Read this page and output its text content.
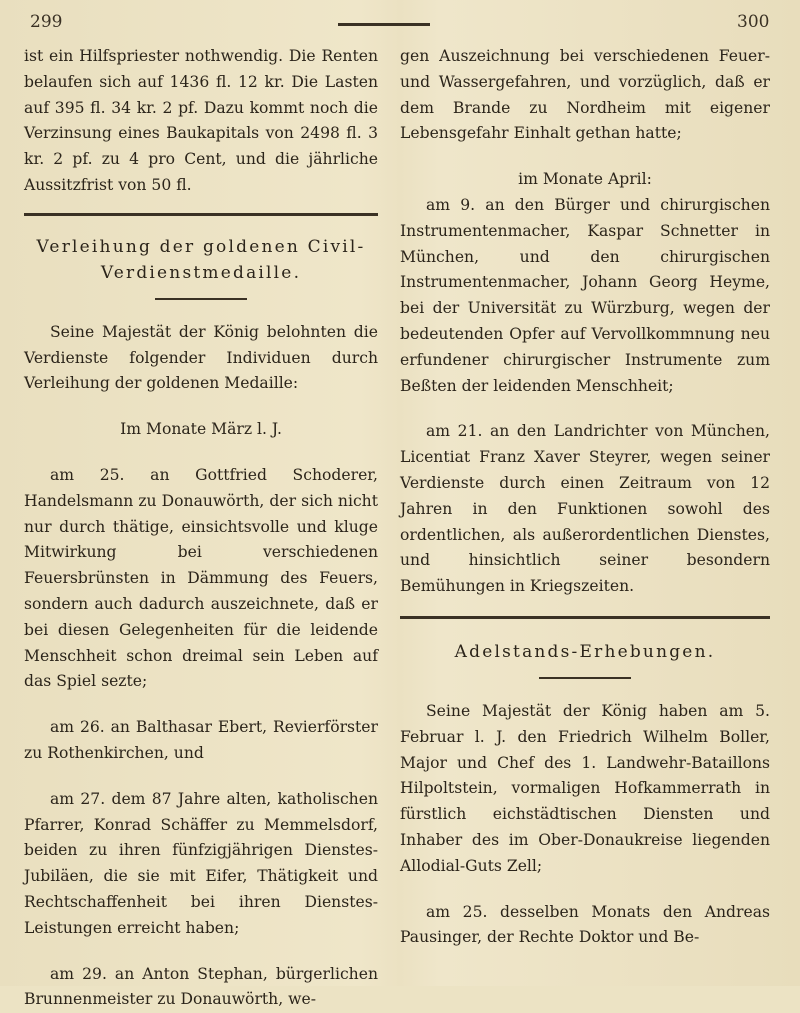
299	300

ist ein Hilfspriester nothwendig. Die Renten belaufen sich auf 1436 fl. 12 kr. Die Lasten auf 395 fl. 34 kr. 2 pf. Dazu kommt noch die Verzinsung eines Baukapitals von 2498 fl. 3 kr. 2 pf. zu 4 pro Cent, und die jährliche Aussitzfrist von 50 fl.

Verleihung der goldenen Civil-

Verdienstmedaille.

Seine Majestät der König belohnten die Verdienste folgender Individuen durch Verleihung der goldenen Medaille:

Im Monate März l. J.

am 25. an Gottfried Schoderer, Handelsmann zu Donauwörth, der sich nicht nur durch thätige, einsichtsvolle und kluge Mitwirkung bei verschiedenen Feuersbrünsten in Dämmung des Feuers, sondern auch dadurch auszeichnete, daß er bei diesen Gelegenheiten für die leidende Menschheit schon dreimal sein Leben auf das Spiel sezte;

am 26. an Balthasar Ebert, Revierförster zu Rothenkirchen, und

am 27. dem 87 Jahre alten, katholischen Pfarrer, Konrad Schäffer zu Memmelsdorf, beiden zu ihren fünfzigjährigen Dienstes-Jubiläen, die sie mit Eifer, Thätigkeit und Rechtschaffenheit bei ihren Dienstes-Leistungen erreicht haben;

am 29. an Anton Stephan, bürgerlichen Brunnenmeister zu Donauwörth, we-

gen Auszeichnung bei verschiedenen Feuer- und Wassergefahren, und vorzüglich, daß er dem Brande zu Nordheim mit eigener Lebensgefahr Einhalt gethan hatte;

im Monate April:

am 9. an den Bürger und chirurgischen Instrumentenmacher, Kaspar Schnetter in München, und den chirurgischen Instrumentenmacher, Johann Georg Heyme, bei der Universität zu Würzburg, wegen der bedeutenden Opfer auf Vervollkommnung neu erfundener chirurgischer Instrumente zum Beßten der leidenden Menschheit;

am 21. an den Landrichter von München, Licentiat Franz Xaver Steyrer, wegen seiner Verdienste durch einen Zeitraum von 12 Jahren in den Funktionen sowohl des ordentlichen, als außerordentlichen Dienstes, und hinsichtlich seiner besondern Bemühungen in Kriegszeiten.

Adelstands-Erhebungen.

Seine Majestät der König haben am 5. Februar l. J. den Friedrich Wilhelm Boller, Major und Chef des 1. Landwehr-Bataillons Hilpoltstein, vormaligen Hofkammerrath in fürstlich eichstädtischen Diensten und Inhaber des im Ober-Donaukreise liegenden Allodial-Guts Zell;

am 25. desselben Monats den Andreas Pausinger, der Rechte Doktor und Be-
